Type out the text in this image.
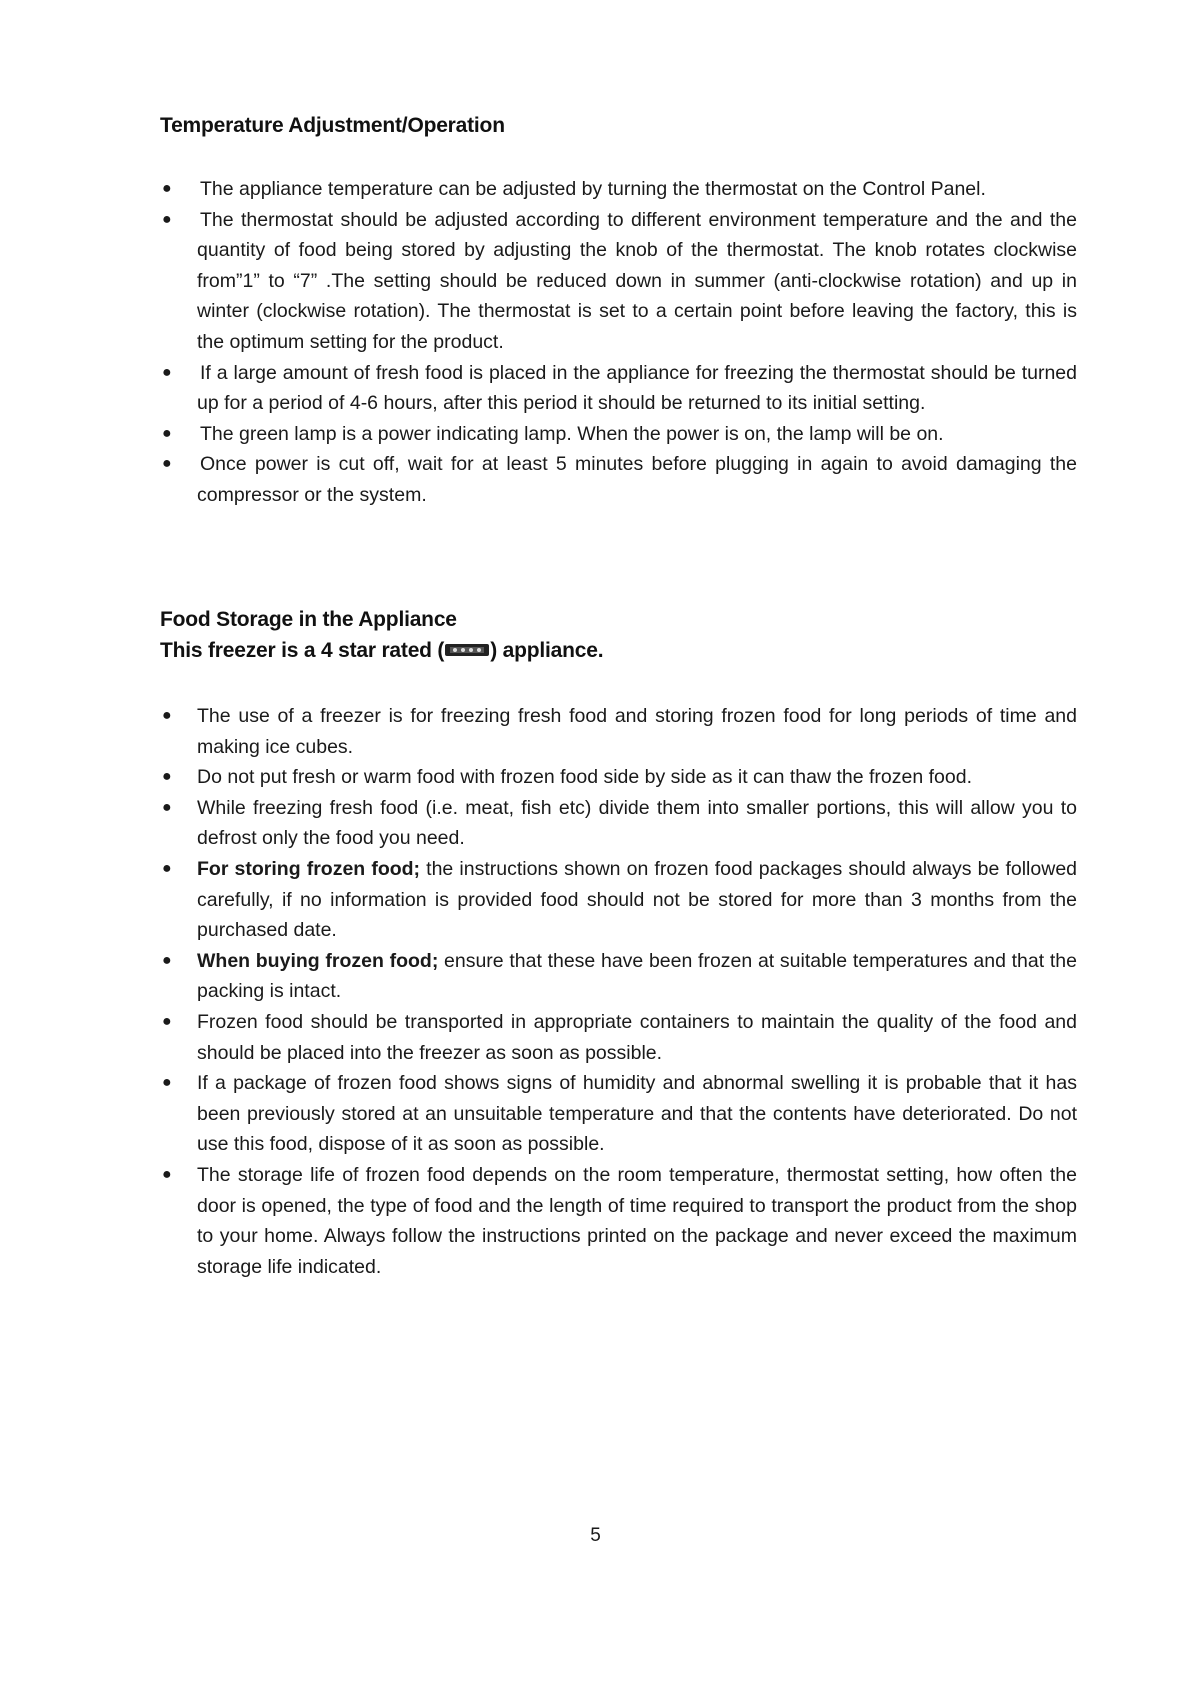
Temperature Adjustment/Operation
● The appliance temperature can be adjusted by turning the thermostat on the Control Panel.
● The thermostat should be adjusted according to different environment temperature and the and the quantity of food being stored by adjusting the knob of the thermostat. The knob rotates clockwise from”1” to “7” .The setting should be reduced down in summer (anti-clockwise rotation) and up in winter (clockwise rotation). The thermostat is set to a certain point before leaving the factory, this is the optimum setting for the product.
● If a large amount of fresh food is placed in the appliance for freezing the thermostat should be turned up for a period of 4-6 hours, after this period it should be returned to its initial setting.
● The green lamp is a power indicating lamp. When the power is on, the lamp will be on.
● Once power is cut off, wait for at least 5 minutes before plugging in again to avoid damaging the compressor or the system.
Food Storage in the Appliance
This freezer is a 4 star rated ( ) appliance.
● The use of a freezer is for freezing fresh food and storing frozen food for long periods of time and making ice cubes.
● Do not put fresh or warm food with frozen food side by side as it can thaw the frozen food.
● While freezing fresh food (i.e. meat, fish etc) divide them into smaller portions, this will allow you to defrost only the food you need.
● For storing frozen food; the instructions shown on frozen food packages should always be followed carefully, if no information is provided food should not be stored for more than 3 months from the purchased date.
● When buying frozen food; ensure that these have been frozen at suitable temperatures and that the packing is intact.
● Frozen food should be transported in appropriate containers to maintain the quality of the food and should be placed into the freezer as soon as possible.
● If a package of frozen food shows signs of humidity and abnormal swelling it is probable that it has been previously stored at an unsuitable temperature and that the contents have deteriorated. Do not use this food, dispose of it as soon as possible.
● The storage life of frozen food depends on the room temperature, thermostat setting, how often the door is opened, the type of food and the length of time required to transport the product from the shop to your home. Always follow the instructions printed on the package and never exceed the maximum storage life indicated.
5
